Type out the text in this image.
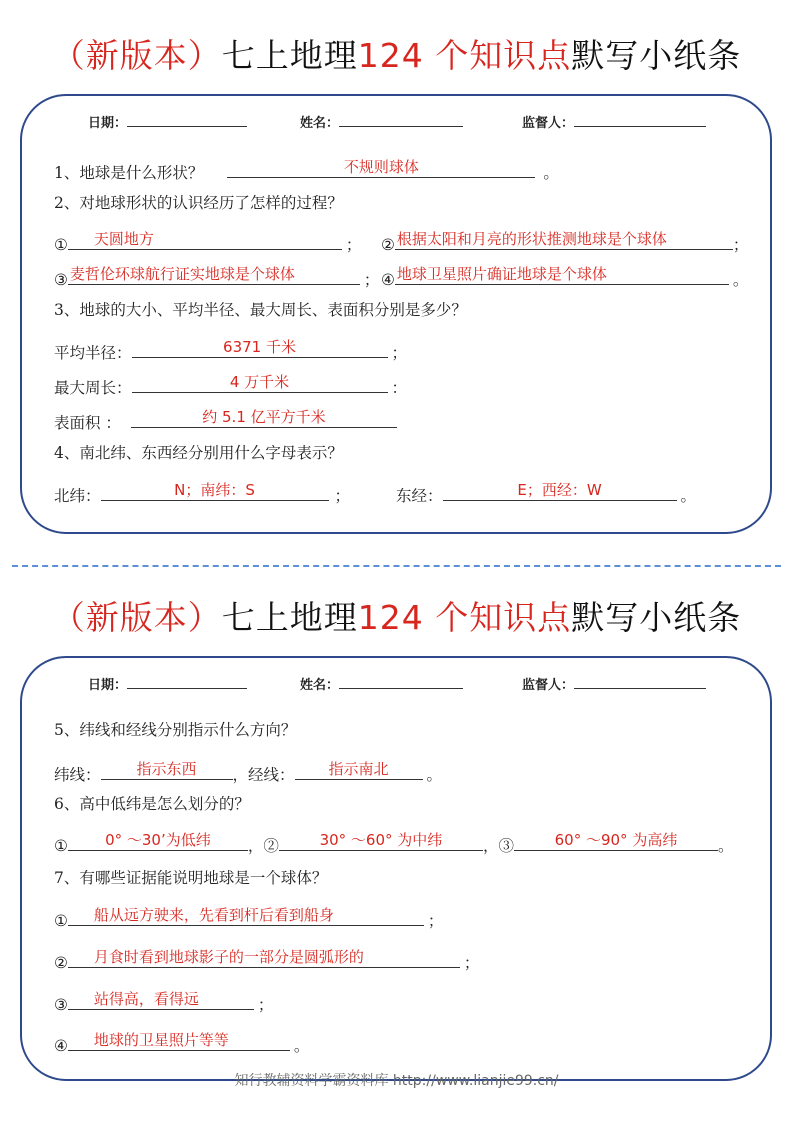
（新版本）七上地理124 个知识点默写小纸条
日期：	姓名：	监督人：
1、地球是什么形状？	不规则球体	。
2、对地球形状的认识经历了怎样的过程？
① 天圆地方	； ② 根据太阳和月亮的形状推测地球是个球体	；
③ 麦哲伦环球航行证实地球是个球体	； ④ 地球卫星照片确证地球是个球体	。
3、地球的大小、平均半径、最大周长、表面积分别是多少？
平均半径：	6371 千米	；
最大周长：	4 万千米	：
表面积 ：	约 5.1 亿平方千米
4、南北纬、东西经分别用什么字母表示？
北纬：	N；南纬：S	；	东经：	E；西经：W	。
（新版本）七上地理124 个知识点默写小纸条
日期：	姓名：	监督人：
5、纬线和经线分别指示什么方向？
纬线： 指示东西 ，经线： 指示南北 。
6、高中低纬是怎么划分的？
① 0° ～30’为低纬 ，②	30° ～60° 为中纬	，③	60° ～90° 为高纬	。
7、有哪些证据能说明地球是一个球体？
① 船从远方驶来，先看到杆后看到船身	；
② 月食时看到地球影子的一部分是圆弧形的	；
③ 站得高，看得远	；
④ 地球的卫星照片等等	。
知行教辅资料学霸资料库 http://www.lianjie99.cn/
